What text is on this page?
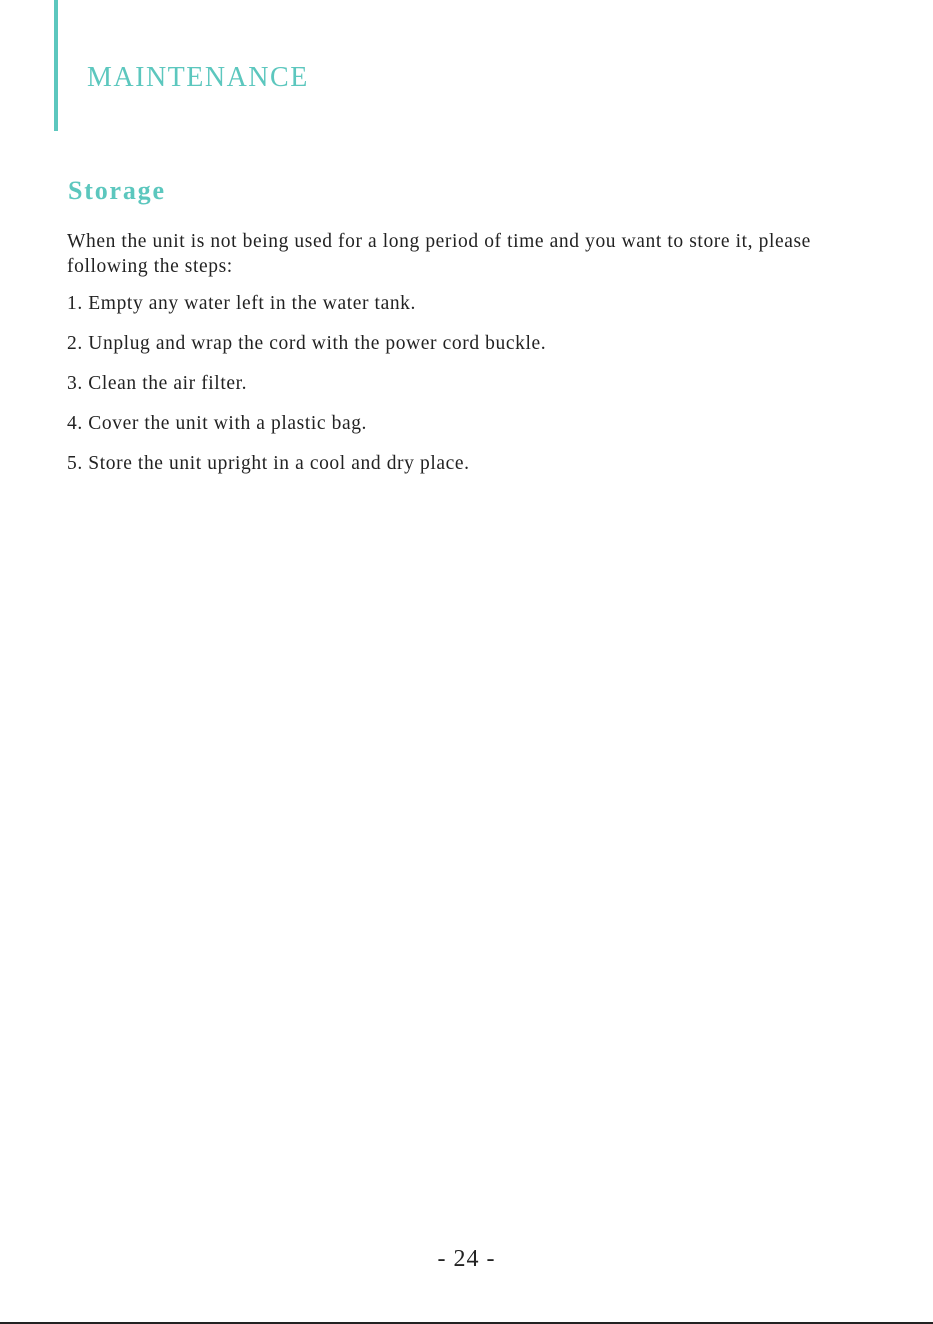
MAINTENANCE
Storage

When the unit is not being used for a long period of time and you want to store it, please following the steps:

1. Empty any water left in the water tank.
2. Unplug and wrap the cord with the power cord buckle.
3. Clean the air filter.
4. Cover the unit with a plastic bag.
5. Store the unit upright in a cool and dry place.
- 24 -
